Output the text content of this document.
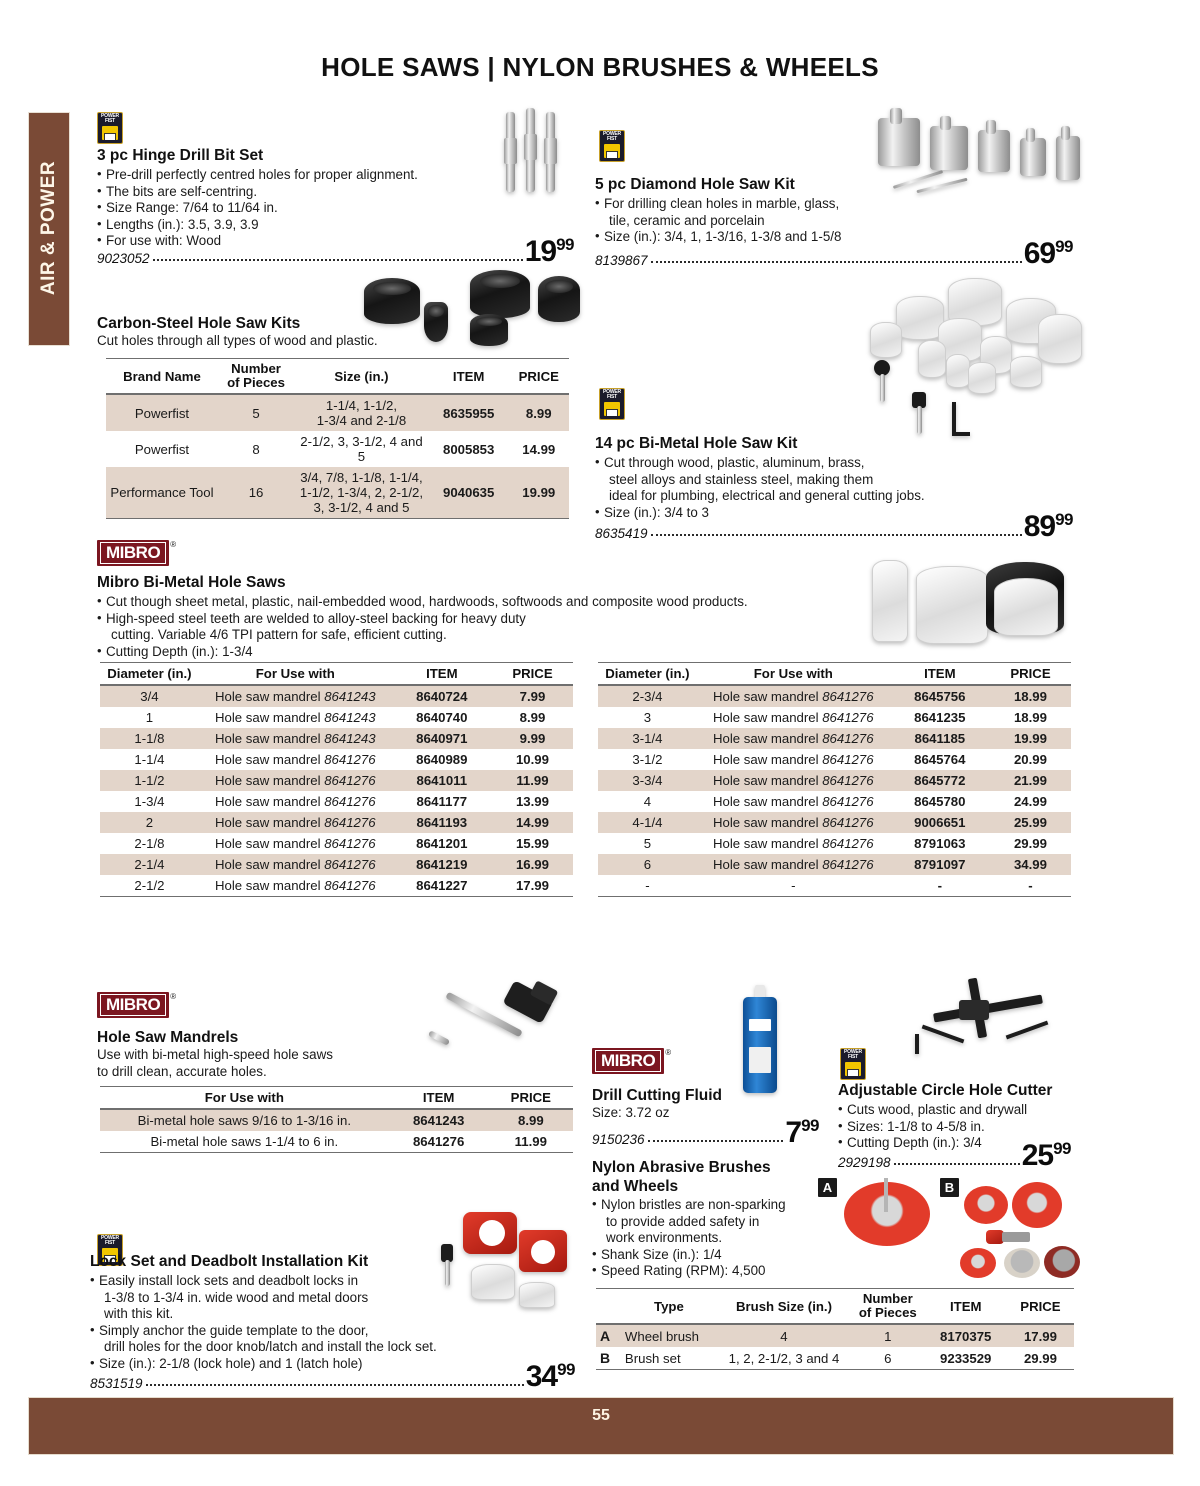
HOLE SAWS | NYLON BRUSHES & WHEELS
AIR & POWER
POWER
FIST
3 pc Hinge Drill Bit Set
• Pre-drill perfectly centred holes for proper alignment.
• The bits are self-centring.
• Size Range: 7/64 to 11/64 in.
• Lengths (in.): 3.5, 3.9, 3.9
• For use with: Wood
9023052	$19^{99}$
POWER
FIST
5 pc Diamond Hole Saw Kit
• For drilling clean holes in marble, glass,
tile, ceramic and porcelain
• Size (in.): 3/4, 1, 1-3/16, 1-3/8 and 1-5/8
8139867	$69^{99}$
Carbon-Steel Hole Saw Kits
Cut holes through all types of wood and plastic.
Brand Name	Number
of Pieces	Size (in.)	ITEM	PRICE
Powerfist	5	1-1/4, 1-1/2,
1-3/4 and 2-1/8	8635955	8.99
Powerfist	8	2-1/2, 3, 3-1/2, 4 and 5	8005853	14.99
Performance Tool	16	3/4, 7/8, 1-1/8, 1-1/4,
1-1/2, 1-3/4, 2, 2-1/2,
3, 3-1/2, 4 and 5	9040635	19.99
POWER
FIST
14 pc Bi-Metal Hole Saw Kit
• Cut through wood, plastic, aluminum, brass,
steel alloys and stainless steel, making them
ideal for plumbing, electrical and general cutting jobs.
• Size (in.): 3/4 to 3
8635419	$89^{99}$
MIBRO	®
Mibro Bi-Metal Hole Saws
• Cut though sheet metal, plastic, nail-embedded wood, hardwoods, softwoods and composite wood products.
• High-speed steel teeth are welded to alloy-steel backing for heavy duty
cutting. Variable 4/6 TPI pattern for safe, efficient cutting.
• Cutting Depth (in.): 1-3/4
Diameter (in.)	For Use with	ITEM	PRICE
3/4	Hole saw mandrel 8641243	8640724	7.99
1	Hole saw mandrel 8641243	8640740	8.99
1-1/8	Hole saw mandrel 8641243	8640971	9.99
1-1/4	Hole saw mandrel 8641276	8640989	10.99
1-1/2	Hole saw mandrel 8641276	8641011	11.99
1-3/4	Hole saw mandrel 8641276	8641177	13.99
2	Hole saw mandrel 8641276	8641193	14.99
2-1/8	Hole saw mandrel 8641276	8641201	15.99
2-1/4	Hole saw mandrel 8641276	8641219	16.99
2-1/2	Hole saw mandrel 8641276	8641227	17.99
Diameter (in.)	For Use with	ITEM	PRICE
2-3/4	Hole saw mandrel 8641276	8645756	18.99
3	Hole saw mandrel 8641276	8641235	18.99
3-1/4	Hole saw mandrel 8641276	8641185	19.99
3-1/2	Hole saw mandrel 8641276	8645764	20.99
3-3/4	Hole saw mandrel 8641276	8645772	21.99
4	Hole saw mandrel 8641276	8645780	24.99
4-1/4	Hole saw mandrel 8641276	9006651	25.99
5	Hole saw mandrel 8641276	8791063	29.99
6	Hole saw mandrel 8641276	8791097	34.99
-	-	-	-
MIBRO	®
Hole Saw Mandrels
Use with bi-metal high-speed hole saws
to drill clean, accurate holes.
For Use with	ITEM	PRICE
Bi-metal hole saws 9/16 to 1-3/16 in.	8641243	8.99
Bi-metal hole saws 1-1/4 to 6 in.	8641276	11.99
MIBRO	®
Drill Cutting Fluid
Size: 3.72 oz
9150236	$7^{99}$
POWER
FIST
Adjustable Circle Hole Cutter
• Cuts wood, plastic and drywall
• Sizes: 1-1/8 to 4-5/8 in.
• Cutting Depth (in.): 3/4
2929198	$25^{99}$
Nylon Abrasive Brushes
and Wheels
• Nylon bristles are non-sparking
to provide added safety in
work environments.
• Shank Size (in.): 1/4
• Speed Rating (RPM): 4,500
A	B
	Type	Brush Size (in.)	Number
of Pieces	ITEM	PRICE
A	Wheel brush	4	1	8170375	17.99
B	Brush set	1, 2, 2-1/2, 3 and 4	6	9233529	29.99
POWER
FIST
Lock Set and Deadbolt Installation Kit
• Easily install lock sets and deadbolt locks in
1-3/8 to 1-3/4 in. wide wood and metal doors
with this kit.
• Simply anchor the guide template to the door,
drill holes for the door knob/latch and install the lock set.
• Size (in.): 2-1/8 (lock hole) and 1 (latch hole)
8531519	$34^{99}$
55
